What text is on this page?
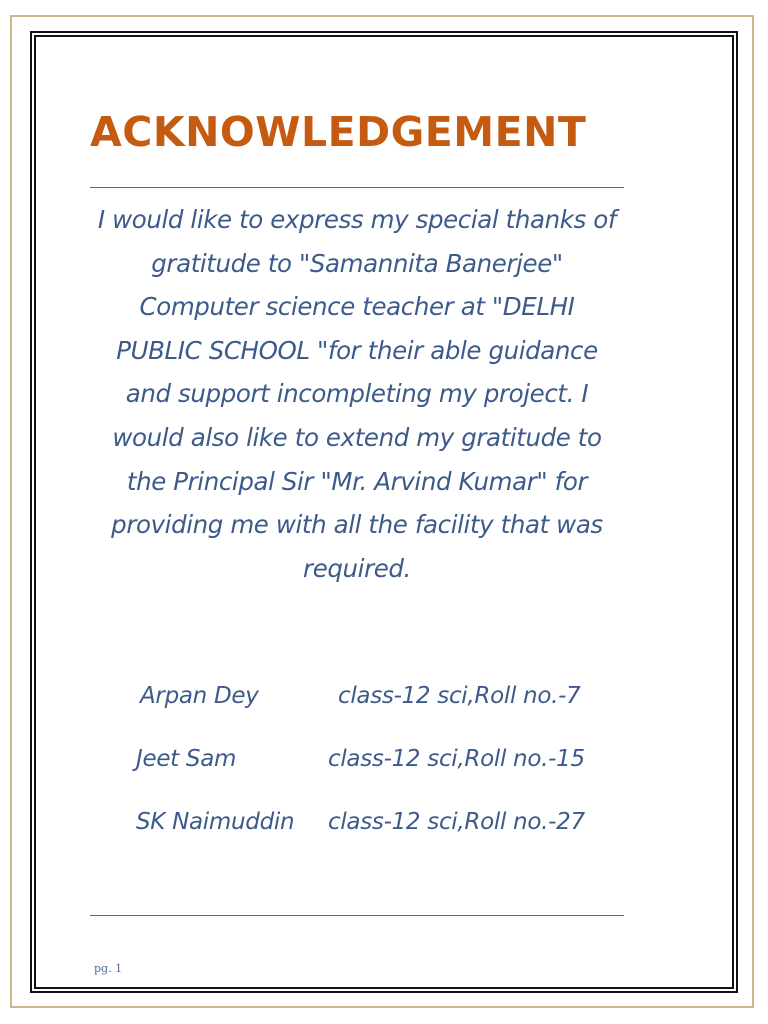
ACKNOWLEDGEMENT

I would like to express my special thanks of
gratitude to "Samannita Banerjee"
Computer science teacher at "DELHI
PUBLIC SCHOOL "for their able guidance
and support incompleting my project. I
would also like to extend my gratitude to
the Principal Sir "Mr. Arvind Kumar" for
providing me with all the facility that was
required.

Arpan Dey	class-12 sci,Roll no.-7
Jeet Sam	class-12 sci,Roll no.-15
SK Naimuddin class-12 sci,Roll no.-27
pg. 1
